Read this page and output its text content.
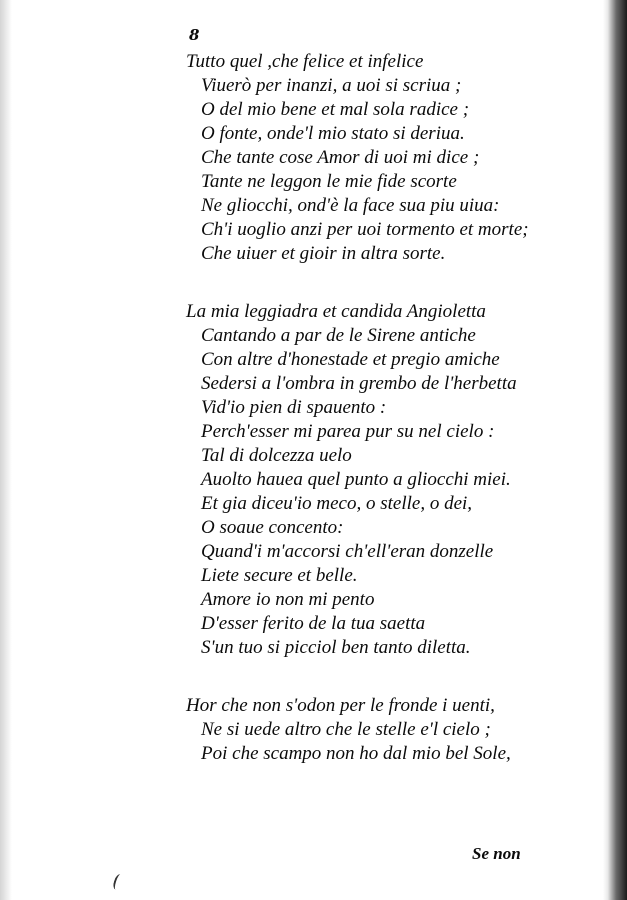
8
Tutto quel ,che felice et infelice
Viuerò per inanzi, a uoi si scriua ;
O del mio bene et mal sola radice ;
O fonte, onde'l mio stato si deriua.
Che tante cose Amor di uoi mi dice ;
Tante ne leggon le mie fide scorte
Ne gliocchi, ond'è la face sua piu uiua:
Ch'i uoglio anzi per uoi tormento et morte;
Che uiuer et gioir in altra sorte.
La mia leggiadra et candida Angioletta
Cantando a par de le Sirene antiche
Con altre d'honestade et pregio amiche
Sedersi a l'ombra in grembo de l'herbetta
Vid'io pien di spauento :
Perch'esser mi parea pur su nel cielo :
Tal di dolcezza uelo
Auolto hauea quel punto a gliocchi miei.
Et gia diceu'io meco, o stelle, o dei,
O soaue concento:
Quand'i m'accorsi ch'ell'eran donzelle
Liete secure et belle.
Amore io non mi pento
D'esser ferito de la tua saetta
S'un tuo si picciol ben tanto diletta.
Hor che non s'odon per le fronde i uenti,
Ne si uede altro che le stelle e'l cielo ;
Poi che scampo non ho dal mio bel Sole,
Se non
